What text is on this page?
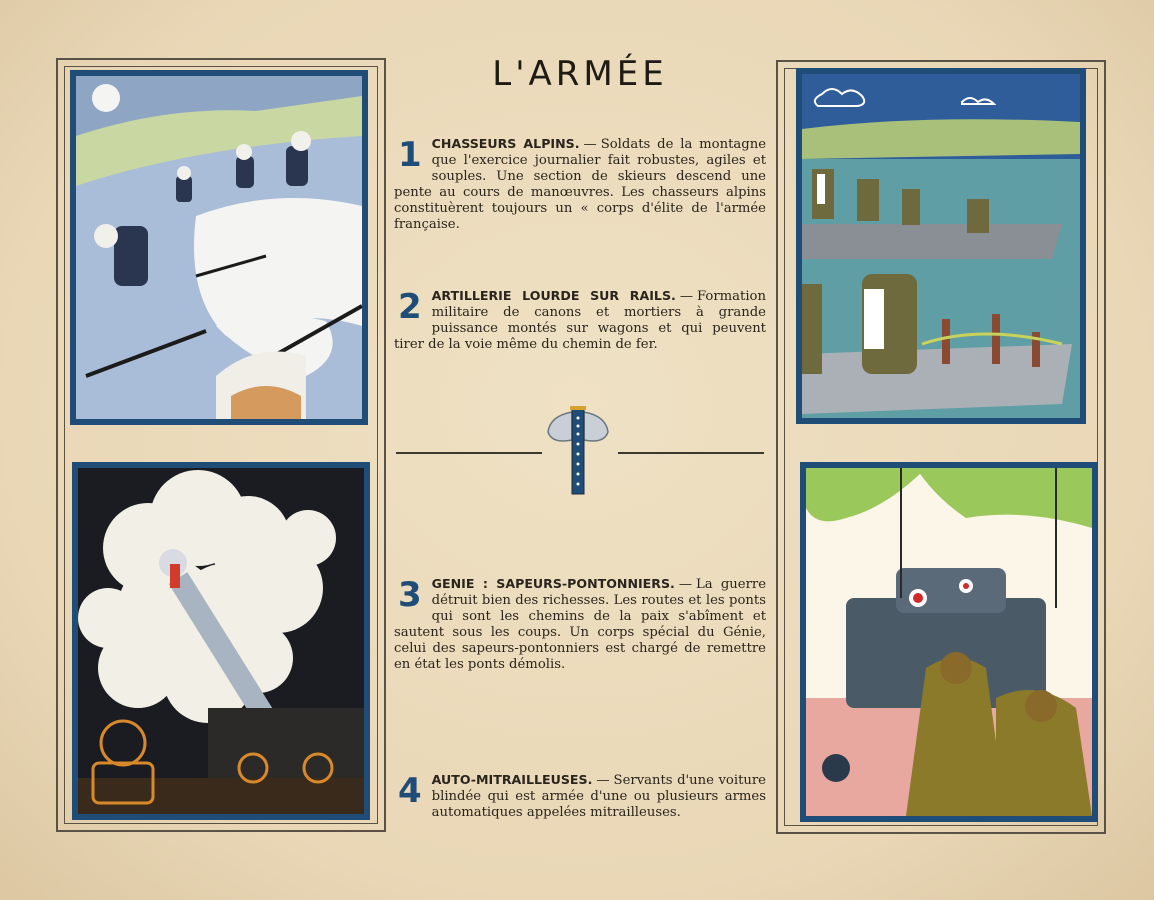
L'ARMÉE
1 CHASSEURS ALPINS. — Soldats de la montagne que l'exercice journalier fait robustes, agiles et souples. Une section de skieurs descend une pente au cours de manœuvres. Les chasseurs alpins constituèrent toujours un « corps d'élite de l'armée française.
2 ARTILLERIE LOURDE SUR RAILS. — Formation militaire de canons et mortiers à grande puissance montés sur wagons et qui peuvent tirer de la voie même du chemin de fer.
3 GENIE : SAPEURS-PONTONNIERS. — La guerre détruit bien des richesses. Les routes et les ponts qui sont les chemins de la paix s'abîment et sautent sous les coups. Un corps spécial du Génie, celui des sapeurs-pontonniers est chargé de remettre en état les ponts démolis.
4 AUTO-MITRAILLEUSES. — Servants d'une voiture blindée qui est armée d'une ou plusieurs armes automatiques appelées mitrailleuses.
